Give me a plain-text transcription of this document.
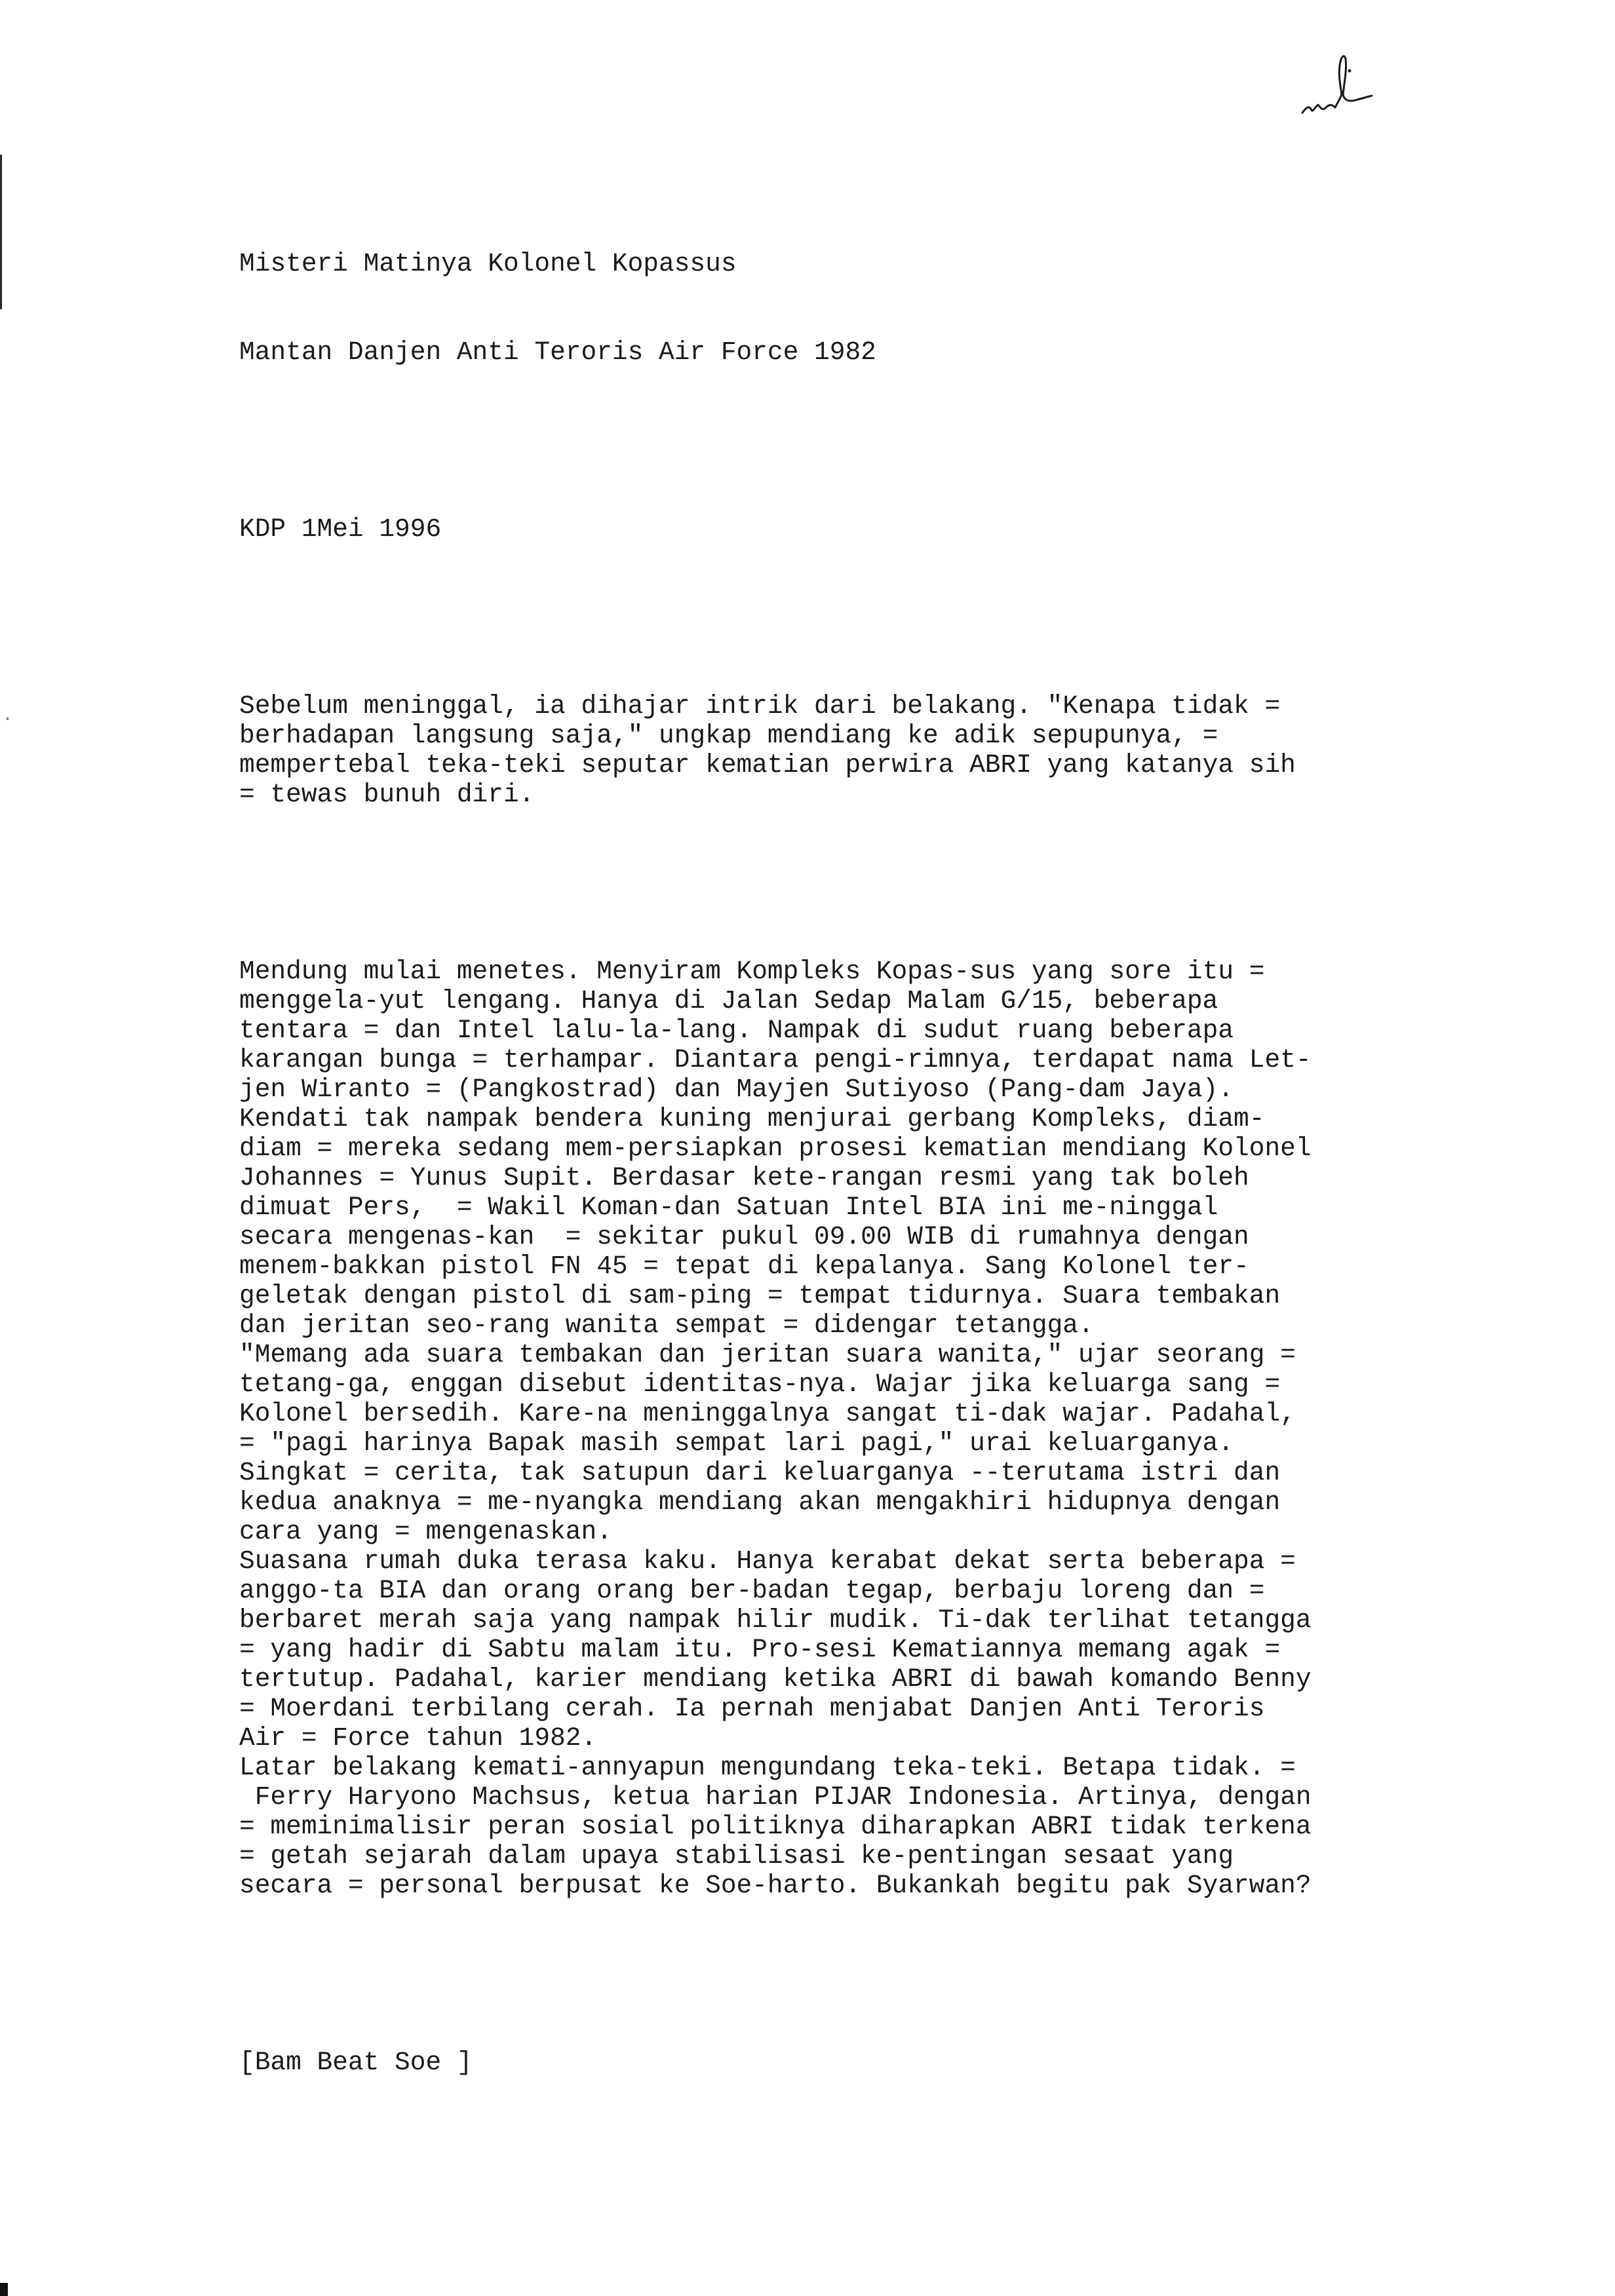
Misteri Matinya Kolonel Kopassus

Mantan Danjen Anti Teroris Air Force 1982

KDP 1Mei 1996

Sebelum meninggal, ia dihajar intrik dari belakang. "Kenapa tidak =
berhadapan langsung saja," ungkap mendiang ke adik sepupunya, =
mempertebal teka-teki seputar kematian perwira ABRI yang katanya sih
= tewas bunuh diri.

Mendung mulai menetes. Menyiram Kompleks Kopas-sus yang sore itu =
menggela-yut lengang. Hanya di Jalan Sedap Malam G/15, beberapa
tentara = dan Intel lalu-la-lang. Nampak di sudut ruang beberapa
karangan bunga = terhampar. Diantara pengi-rimnya, terdapat nama Let-
jen Wiranto = (Pangkostrad) dan Mayjen Sutiyoso (Pang-dam Jaya).
Kendati tak nampak bendera kuning menjurai gerbang Kompleks, diam-
diam = mereka sedang mem-persiapkan prosesi kematian mendiang Kolonel
Johannes = Yunus Supit. Berdasar kete-rangan resmi yang tak boleh
dimuat Pers,  = Wakil Koman-dan Satuan Intel BIA ini me-ninggal
secara mengenas-kan  = sekitar pukul 09.00 WIB di rumahnya dengan
menem-bakkan pistol FN 45 = tepat di kepalanya. Sang Kolonel ter-
geletak dengan pistol di sam-ping = tempat tidurnya. Suara tembakan
dan jeritan seo-rang wanita sempat = didengar tetangga.
"Memang ada suara tembakan dan jeritan suara wanita," ujar seorang =
tetang-ga, enggan disebut identitas-nya. Wajar jika keluarga sang =
Kolonel bersedih. Kare-na meninggalnya sangat ti-dak wajar. Padahal,
= "pagi harinya Bapak masih sempat lari pagi," urai keluarganya.
Singkat = cerita, tak satupun dari keluarganya --terutama istri dan
kedua anaknya = me-nyangka mendiang akan mengakhiri hidupnya dengan
cara yang = mengenaskan.
Suasana rumah duka terasa kaku. Hanya kerabat dekat serta beberapa =
anggo-ta BIA dan orang orang ber-badan tegap, berbaju loreng dan =
berbaret merah saja yang nampak hilir mudik. Ti-dak terlihat tetangga
= yang hadir di Sabtu malam itu. Pro-sesi Kematiannya memang agak =
tertutup. Padahal, karier mendiang ketika ABRI di bawah komando Benny
= Moerdani terbilang cerah. Ia pernah menjabat Danjen Anti Teroris
Air = Force tahun 1982.
Latar belakang kemati-annyapun mengundang teka-teki. Betapa tidak. =
Ferry Haryono Machsus, ketua harian PIJAR Indonesia. Artinya, dengan
= meminimalisir peran sosial politiknya diharapkan ABRI tidak terkena
= getah sejarah dalam upaya stabilisasi ke-pentingan sesaat yang
secara = personal berpusat ke Soe-harto. Bukankah begitu pak Syarwan?

[Bam Beat Soe ]
